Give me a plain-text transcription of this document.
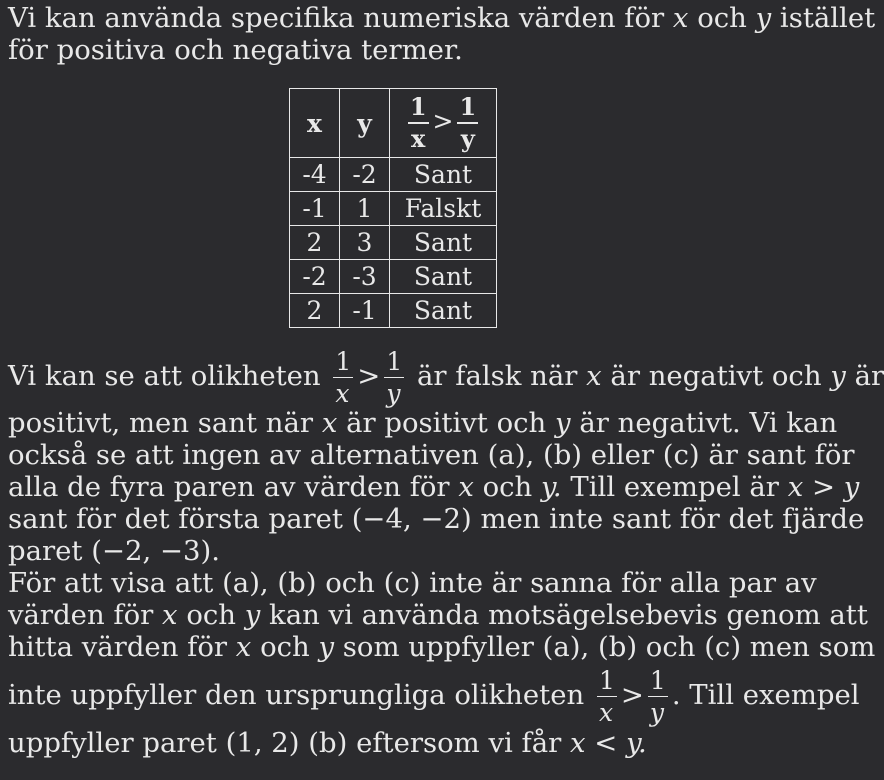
Vi kan använda specifika numeriska värden för x och y istället
för positiva och negativa termer.
x	y	$\frac{1}{x} > \frac{1}{y}$

-4	-2	Sant
-1	1	Falskt
2	3	Sant
-2	-3	Sant
2	-1	Sant
Vi kan se att olikheten $\frac{1}{x} > \frac{1}{y}$ är falsk när x är negativt och y är
positivt, men sant när x är positivt och y är negativt. Vi kan
också se att ingen av alternativen (a), (b) eller (c) är sant för
alla de fyra paren av värden för x och y. Till exempel är x > y
sant för det första paret (−4, −2) men inte sant för det fjärde
paret (−2, −3).
För att visa att (a), (b) och (c) inte är sanna för alla par av
värden för x och y kan vi använda motsägelsebevis genom att
hitta värden för x och y som uppfyller (a), (b) och (c) men som
inte uppfyller den ursprungliga olikheten $\frac{1}{x} > \frac{1}{y}$ . Till exempel
uppfyller paret (1, 2) (b) eftersom vi får x < y.
